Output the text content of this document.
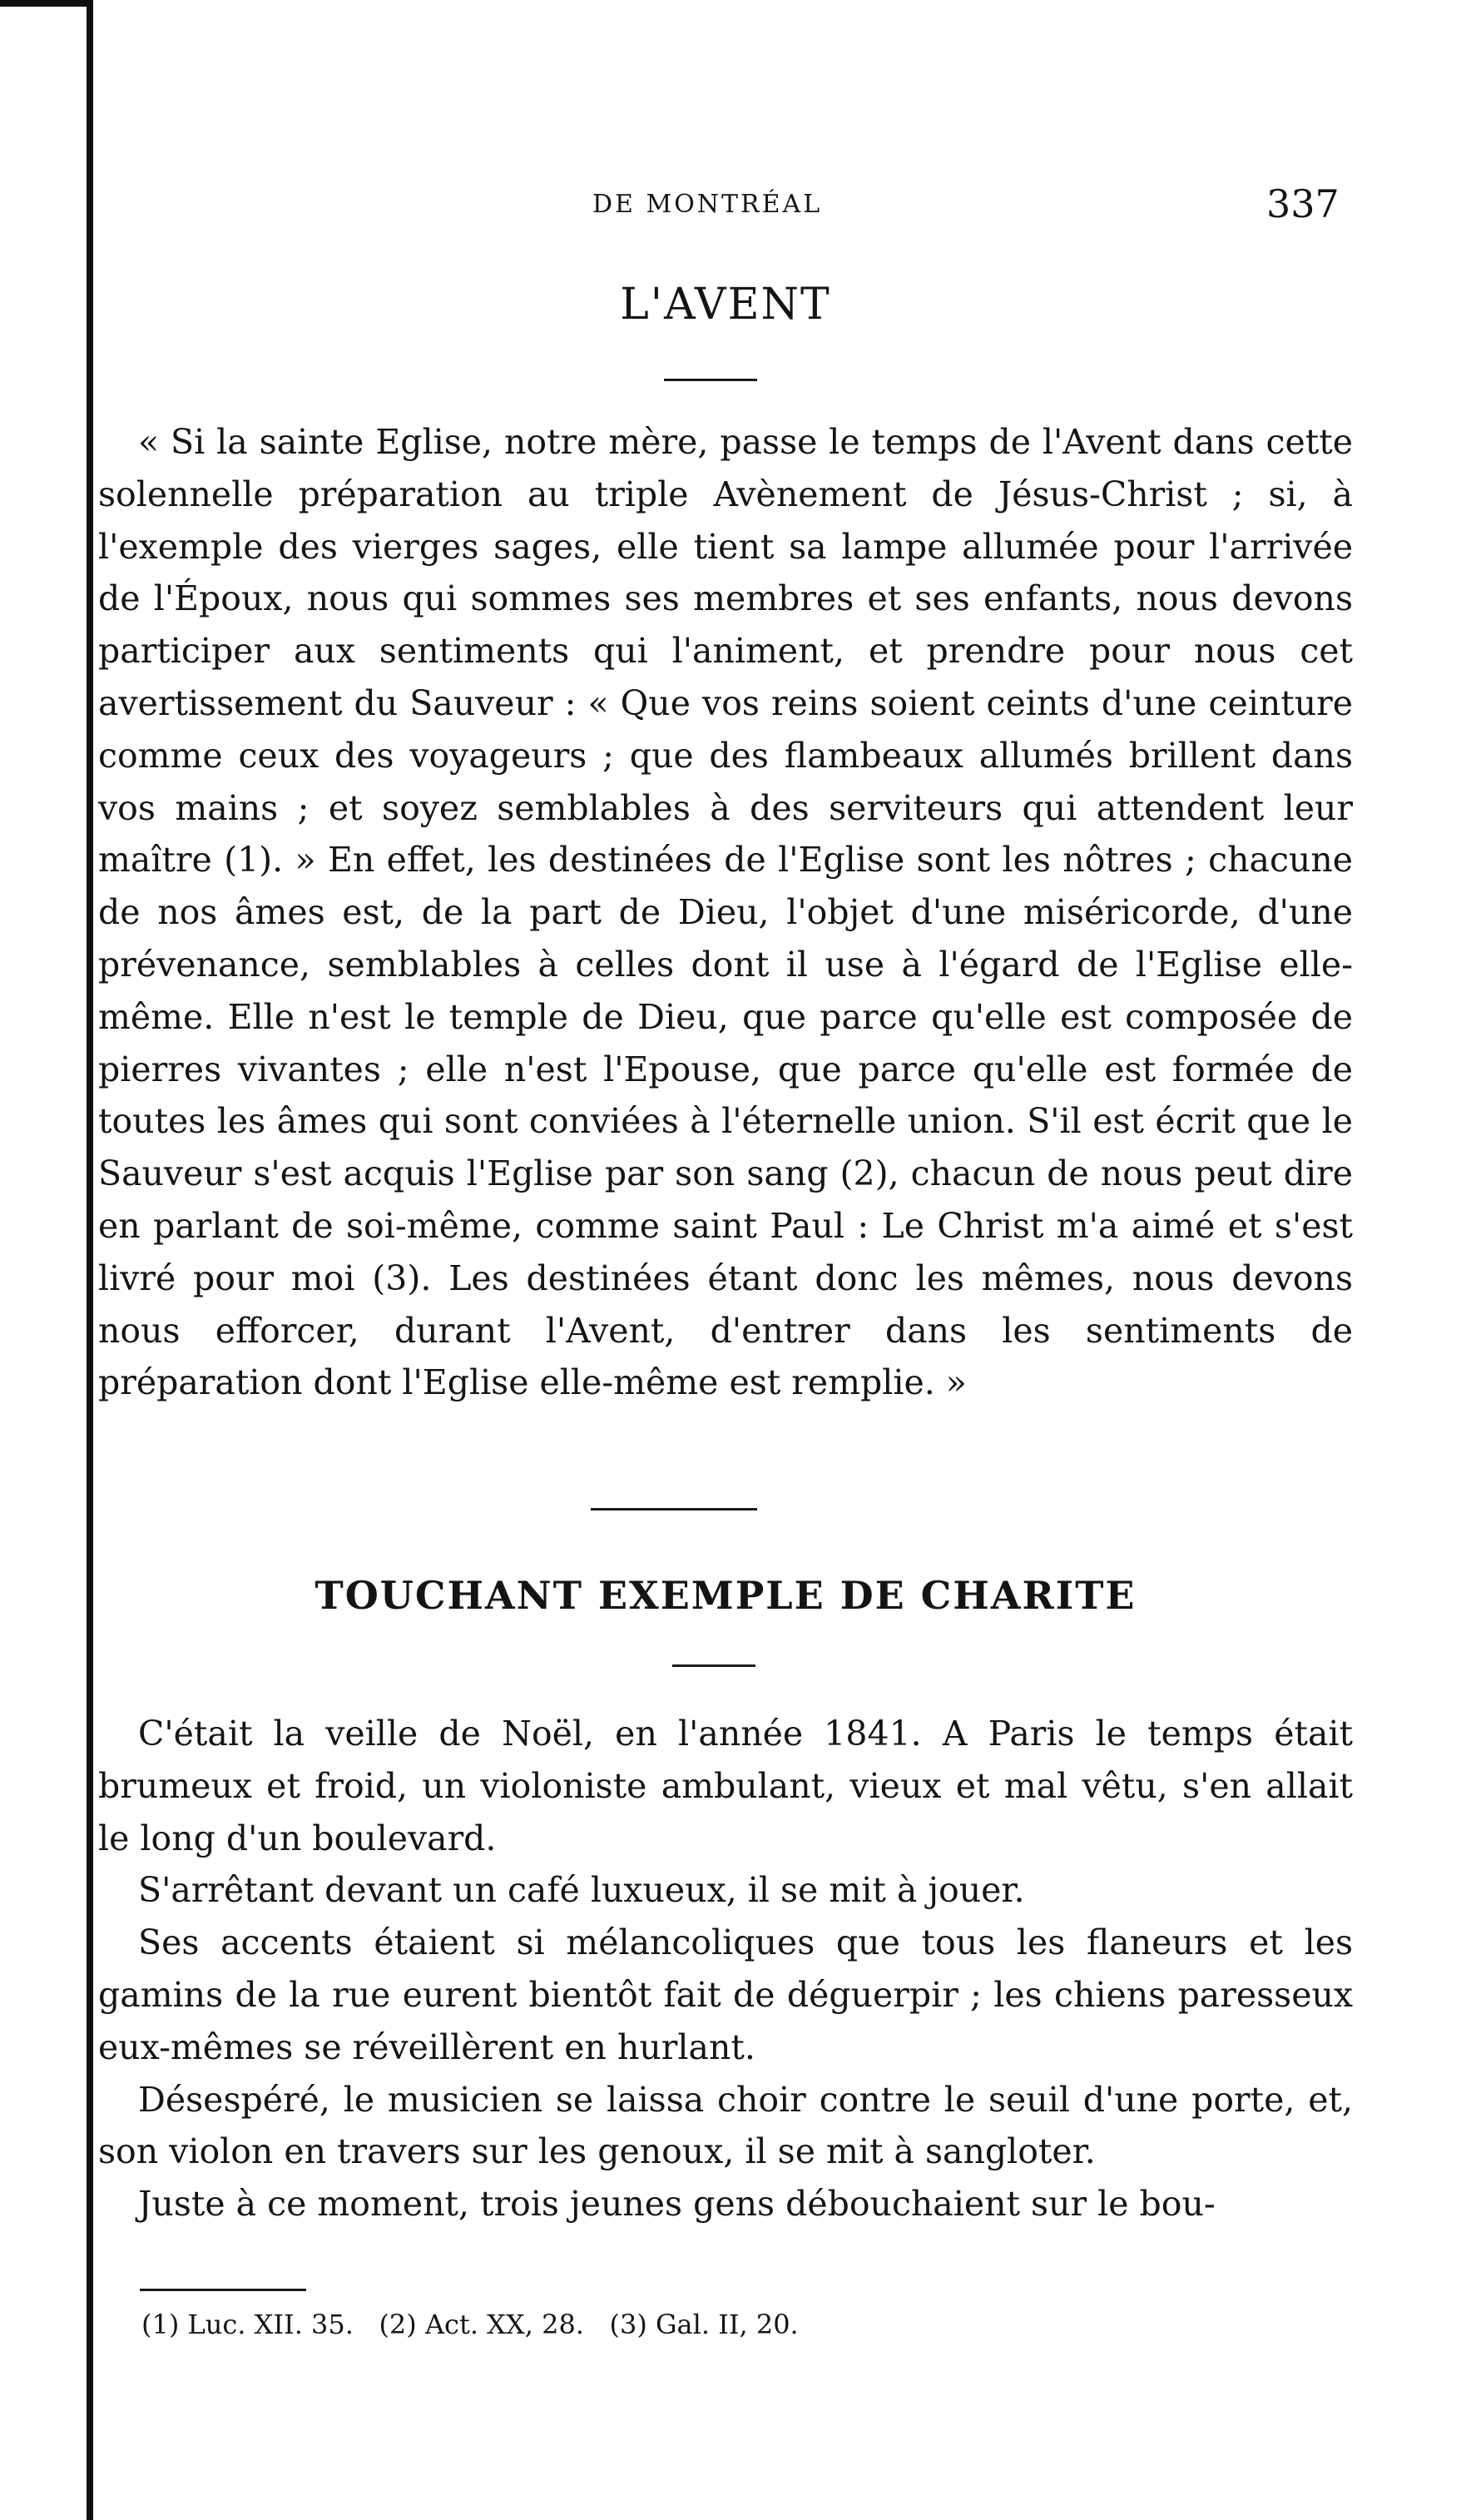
DE MONTRÉAL	337
L'AVENT

« Si la sainte Eglise, notre mère, passe le temps de l'Avent dans cette solennelle préparation au triple Avènement de Jésus-Christ ; si, à l'exemple des vierges sages, elle tient sa lampe allumée pour l'arrivée de l'Époux, nous qui sommes ses membres et ses enfants, nous devons participer aux sentiments qui l'animent, et prendre pour nous cet avertissement du Sauveur : « Que vos reins soient ceints d'une ceinture comme ceux des voyageurs ; que des flambeaux allumés brillent dans vos mains ; et soyez semblables à des serviteurs qui attendent leur maître (1). » En effet, les destinées de l'Eglise sont les nôtres ; chacune de nos âmes est, de la part de Dieu, l'objet d'une miséricorde, d'une prévenance, semblables à celles dont il use à l'égard de l'Eglise elle-même. Elle n'est le temple de Dieu, que parce qu'elle est composée de pierres vivantes ; elle n'est l'Epouse, que parce qu'elle est formée de toutes les âmes qui sont conviées à l'éternelle union. S'il est écrit que le Sauveur s'est acquis l'Eglise par son sang (2), chacun de nous peut dire en parlant de soi-même, comme saint Paul : Le Christ m'a aimé et s'est livré pour moi (3). Les destinées étant donc les mêmes, nous devons nous efforcer, durant l'Avent, d'entrer dans les sentiments de préparation dont l'Eglise elle-même est remplie. »

TOUCHANT EXEMPLE DE CHARITE

C'était la veille de Noël, en l'année 1841. A Paris le temps était brumeux et froid, un violoniste ambulant, vieux et mal vêtu, s'en allait le long d'un boulevard.

S'arrêtant devant un café luxueux, il se mit à jouer.

Ses accents étaient si mélancoliques que tous les flaneurs et les gamins de la rue eurent bientôt fait de déguerpir ; les chiens paresseux eux-mêmes se réveillèrent en hurlant.

Désespéré, le musicien se laissa choir contre le seuil d'une porte, et, son violon en travers sur les genoux, il se mit à sangloter.

Juste à ce moment, trois jeunes gens débouchaient sur le bou-

(1) Luc. XII. 35.   (2) Act. XX, 28.   (3) Gal. II, 20.
